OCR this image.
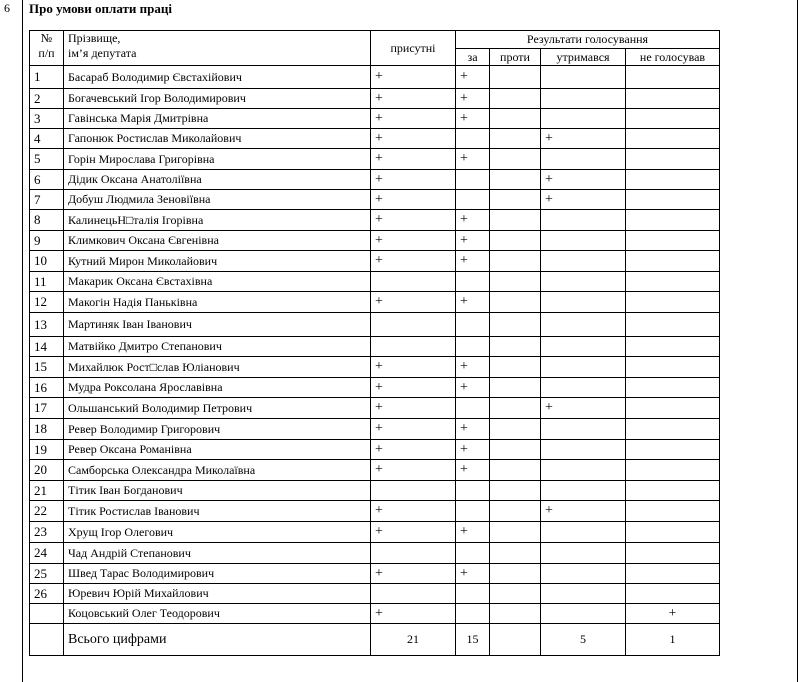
6 Про умови оплати праці
№
п/п	Прізвище,
ім’я депутата	присутні	Результати голосування			
			за	проти	утримався	не голосував
1	Басараб Володимир Євстахійович	+	+			
2	Богачевський Ігор Володимирович	+	+			
3	Гавінська Марія Дмитрівна	+	+			
4	Гапонюк Ростислав Миколайович	+			+	
5	Горін Мирослава Григорівна	+	+			
6	Дідик Оксана Анатоліївна	+			+	
7	Добуш Людмила Зеновіївна	+			+	
8	КалинецьН□талія Ігорівна	+	+			
9	Климкович Оксана Євгенівна	+	+			
10	Кутний Мирон Миколайович	+	+			
11	Макарик Оксана Євстахівна					
12	Макогін Надія Паньківна	+	+			
13	Мартиняк Іван Іванович					
14	Матвійко Дмитро Степанович					
15	Михайлюк Рост□слав Юліанович	+	+			
16	Мудра Роксолана Ярославівна	+	+			
17	Ольшанський Володимир Петрович	+			+	
18	Ревер Володимир Григорович	+	+			
19	Ревер Оксана Романівна	+	+			
20	Самборська Олександра Миколаївна	+	+			
21	Тітик Іван Богданович					
22	Тітик Ростислав Іванович	+			+	
23	Хрущ Ігор Олегович	+	+			
24	Чад Андрій Степанович					
25	Швед Тарас Володимирович	+	+			
26	Юревич Юрій Михайлович					
	Коцовський Олег Теодорович	+				+
	Всього цифрами	21	15		5	1
